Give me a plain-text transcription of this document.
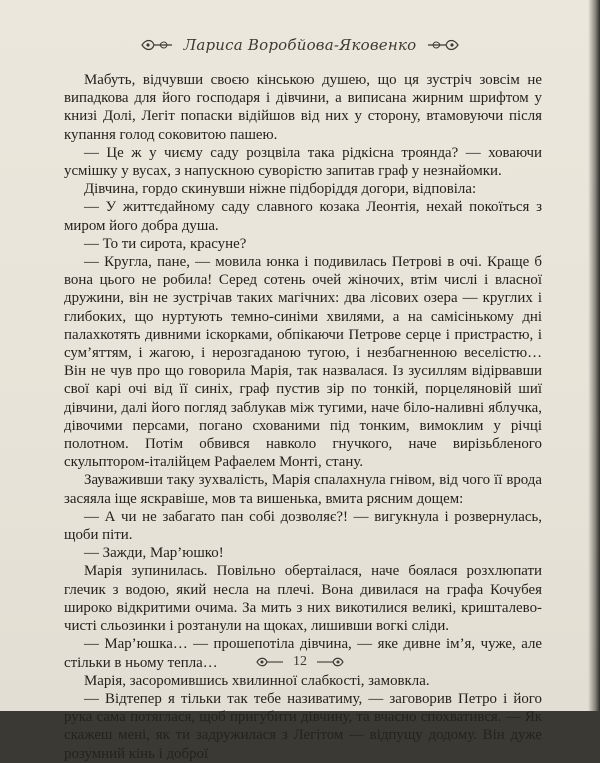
Лариса Воробйова-Яковенко

Мабуть, відчувши своєю кінською душею, що ця зустріч зовсім не випадкова для його господаря і дівчини, а виписана жирним шрифтом у книзі Долі, Легіт попаски відійшов від них у сторону, втамовуючи після купання голод соковитою пашею.

— Це ж у чиєму саду розцвіла така рідкісна троянда? — ховаючи усмішку у вусах, з напускною суворістю запитав граф у незнайомки.

Дівчина, гордо скинувши ніжне підборіддя догори, відповіла:

— У життєдайному саду славного козака Леонтія, нехай покоїться з миром його добра душа.

— То ти сирота, красуне?

— Кругла, пане, — мовила юнка і подивилась Петрові в очі. Краще б вона цього не робила! Серед сотень очей жіночих, втім числі і власної дружини, він не зустрічав таких магічних: два лісових озера — круглих і глибоких, що нуртують темно-синіми хвилями, а на самісінькому дні палахкотять дивними іскорками, обпікаючи Петрове серце і пристрастю, і сум’яттям, і жагою, і нерозгаданою тугою, і незбагненною веселістю… Він не чув про що говорила Марія, так назвалася. Із зусиллям відірвавши свої карі очі від її синіх, граф пустив зір по тонкій, порцеляновій шиї дівчини, далі його погляд заблукав між тугими, наче біло-наливні яблучка, дівочими персами, погано схованими під тонким, вимоклим у річці полотном. Потім обвився навколо гнучкого, наче вирізьбленого скульптором-італійцем Рафаелем Монті, стану.

Зауваживши таку зухвалість, Марія спалахнула гнівом, від чого її врода засяяла іще яскравіше, мов та вишенька, вмита рясним дощем:

— А чи не забагато пан собі дозволяє?! — вигукнула і розвернулась, щоби піти.

— Зажди, Мар’юшко!

Марія зупинилась. Повільно обертаілася, наче боялася розхлюпати глечик з водою, який несла на плечі. Вона дивилася на графа Кочубея широко відкритими очима. За мить з них викотилися великі, кришталево-чисті сльозинки і розтанули на щоках, лишивши вогкі сліди.

— Мар’юшка… — прошепотіла дівчина, — яке дивне ім’я, чуже, але стільки в ньому тепла…

Марія, засоромившись хвилинної слабкості, замовкла.

— Відтепер я тільки так тебе називатиму, — заговорив Петро і його рука сама потяглася, щоб пригубити дівчину, та вчасно спохватився. — Як скажеш мені, як ти задружилася з Легітом — відпущу додому. Він дуже розумний кінь і доброї

12
